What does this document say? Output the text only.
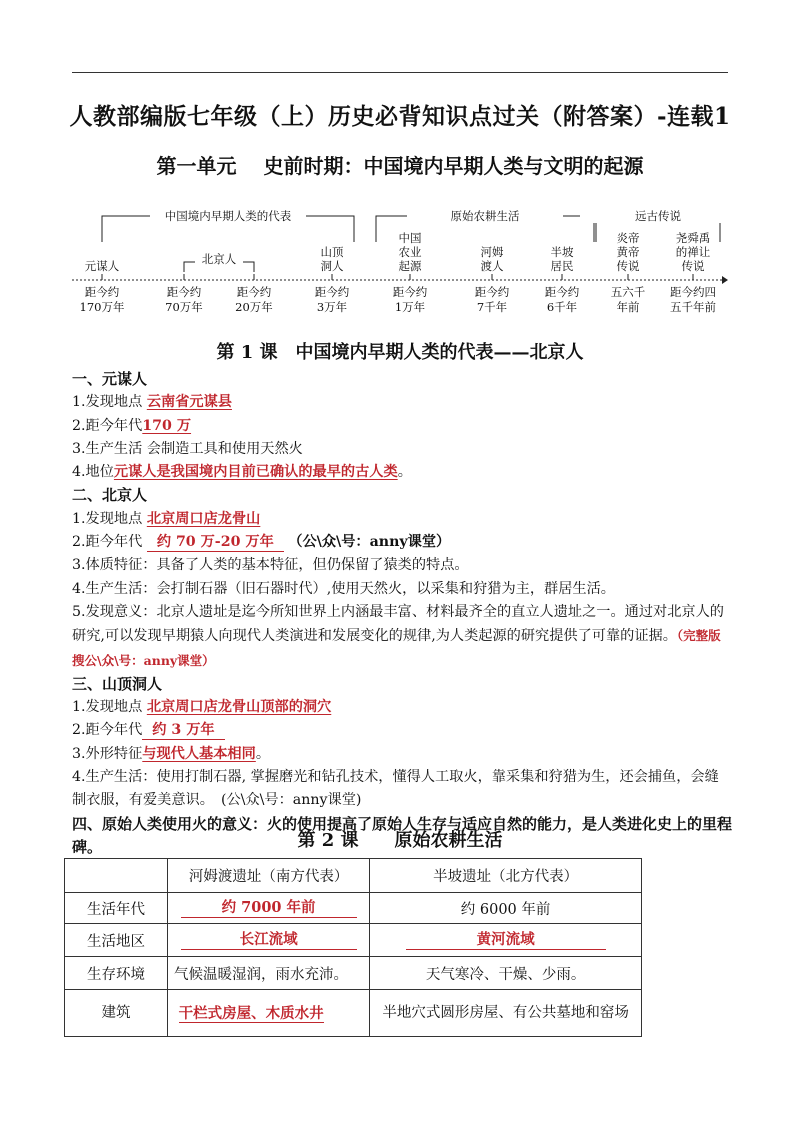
人教部编版七年级（上）历史必背知识点过关（附答案）-连载1
第一单元　 史前时期：中国境内早期人类与文明的起源
中国境内早期人类的代表	原始农耕生活	远古传说
元谋人
距今约
170万年
距今约
70万年
距今约
20万年
山顶
洞人
距今约
3万年
中国
农业
起源
距今约
1万年
河姆
渡人
距今约
7千年
半坡
居民
距今约
6千年
炎帝
黄帝
传说
五六千
年前
尧舜禹
的禅让
传说
距今约四
五千年前
北京人
第 1 课　中国境内早期人类的代表——北京人
一、元谋人
1.发现地点 云南省元谋县
2.距今年代170 万
3.生产生活 会制造工具和使用天然火
4.地位元谋人是我国境内目前已确认的最早的古人类。
二、北京人
1.发现地点 北京周口店龙骨山
2.距今年代 约 70 万-20 万年 （公\众\号：anny课堂）
3.体质特征：具备了人类的基本特征，但仍保留了猿类的特点。
4.生产生活：会打制石器（旧石器时代）,使用天然火，以采集和狩猎为主，群居生活。
5.发现意义：北京人遗址是迄今所知世界上内涵最丰富、材料最齐全的直立人遗址之一。通过对北京人的研究,可以发现早期猿人向现代人类演进和发展变化的规律,为人类起源的研究提供了可靠的证据。（完整版搜公\众\号：anny课堂）
三、山顶洞人
1.发现地点 北京周口店龙骨山顶部的洞穴
2.距今年代 约 3 万年
3.外形特征与现代人基本相同。
4.生产生活：使用打制石器, 掌握磨光和钻孔技术，懂得人工取火，靠采集和狩猎为生，还会捕鱼，会缝制衣服，有爱美意识。　(公\众\号：anny课堂)
四、原始人类使用火的意义：火的使用提高了原始人生存与适应自然的能力，是人类进化史上的里程碑。	第 2 课　　原始农耕生活
	河姆渡遗址（南方代表）	半坡遗址（北方代表）
生活年代	约 7000 年前	约 6000 年前
生活地区	长江流域	黄河流域
生存环境	气候温暖湿润，雨水充沛。	天气寒冷、干燥、少雨。
建筑	干栏式房屋、木质水井	半地穴式圆形房屋、有公共墓地和窑场
